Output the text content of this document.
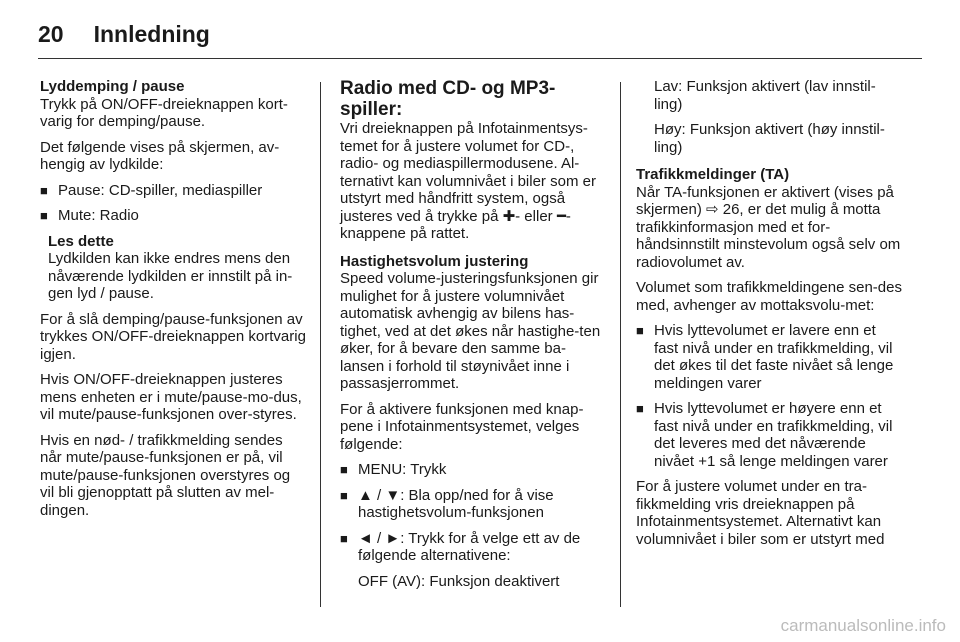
20 Innledning

Lyddemping / pause

Trykk på ON/OFF-dreieknappen kort-varig for demping/pause.

Det følgende vises på skjermen, av-hengig av lydkilde:

■ Pause: CD-spiller, mediaspiller
■ Mute: Radio

Les dette

Lydkilden kan ikke endres mens den nåværende lydkilden er innstilt på in-gen lyd / pause.

For å slå demping/pause-funksjonen av trykkes ON/OFF-dreieknappen kortvarig igjen.

Hvis ON/OFF-dreieknappen justeres mens enheten er i mute/pause-mo-dus, vil mute/pause-funksjonen over-styres.

Hvis en nød- / trafikkmelding sendes når mute/pause-funksjonen er på, vil mute/pause-funksjonen overstyres og vil bli gjenopptatt på slutten av mel-dingen.

Radio med CD- og MP3-spiller:

Vri dreieknappen på Infotainmentsys-temet for å justere volumet for CD-, radio- og mediaspillermodusene. Al-ternativt kan volumnivået i biler som er utstyrt med håndfritt system, også justeres ved å trykke på ✚- eller ━-knappene på rattet.

Hastighetsvolum justering

Speed volume-justeringsfunksjonen gir mulighet for å justere volumnivået automatisk avhengig av bilens has-tighet, ved at det økes når hastighe-ten øker, for å bevare den samme ba-lansen i forhold til støynivået inne i passasjerrommet.

For å aktivere funksjonen med knap-pene i Infotainmentsystemet, velges følgende:

■ MENU: Trykk
■ ▲ / ▼: Bla opp/ned for å vise hastighetsvolum-funksjonen
■ ◄ / ►: Trykk for å velge ett av de følgende alternativene:

OFF (AV): Funksjon deaktivert

Lav: Funksjon aktivert (lav innstil-ling)

Høy: Funksjon aktivert (høy innstil-ling)

Trafikkmeldinger (TA)

Når TA-funksjonen er aktivert (vises på skjermen) ⇨ 26, er det mulig å motta trafikkinformasjon med et for-håndsinnstilt minstevolum også selv om radiovolumet av.

Volumet som trafikkmeldingene sen-des med, avhenger av mottaksvolu-met:

■ Hvis lyttevolumet er lavere enn et fast nivå under en trafikkmelding, vil det økes til det faste nivået så lenge meldingen varer
■ Hvis lyttevolumet er høyere enn et fast nivå under en trafikkmelding, vil det leveres med det nåværende nivået +1 så lenge meldingen varer

For å justere volumet under en tra-fikkmelding vris dreieknappen på Infotainmentsystemet. Alternativt kan volumnivået i biler som er utstyrt med

carmanualsonline.info
